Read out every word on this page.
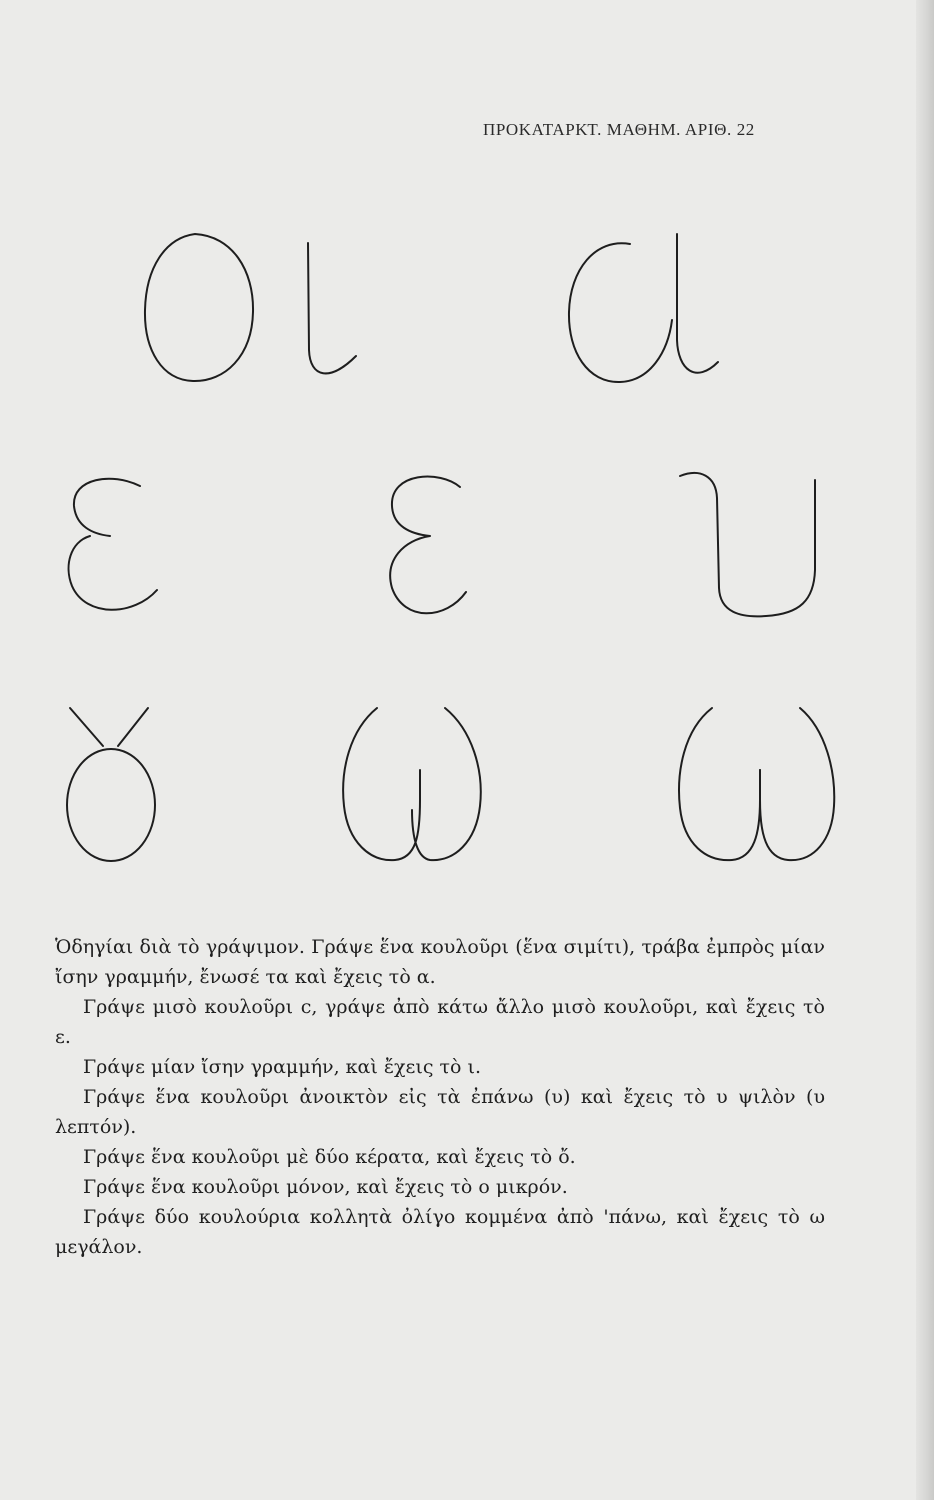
ΠΡΟΚΑΤΑΡΚΤ. ΜΑΘΗΜ. ΑΡΙΘ. 22

Ὁδηγίαι διὰ τὸ γράψιμον. Γράψε ἕνα κουλοῦρι (ἕνα σιμίτι), τράβα ἐμπρὸς μίαν ἴσην γραμμήν, ἔνωσέ τα καὶ ἔχεις τὸ α.

Γράψε μισὸ κουλοῦρι c, γράψε ἀπὸ κάτω ἄλλο μισὸ κουλοῦρι, καὶ ἔχεις τὸ ε.

Γράψε μίαν ἴσην γραμμήν, καὶ ἔχεις τὸ ι.

Γράψε ἕνα κουλοῦρι ἀνοικτὸν εἰς τὰ ἐπάνω (υ) καὶ ἔχεις τὸ υ ψιλὸν (υ λεπτόν).

Γράψε ἕνα κουλοῦρι μὲ δύο κέρατα, καὶ ἔχεις τὸ ὄ.

Γράψε ἕνα κουλοῦρι μόνον, καὶ ἔχεις τὸ ο μικρόν.

Γράψε δύο κουλούρια κολλητὰ ὀλίγο κομμένα ἀπὸ 'πάνω, καὶ ἔχεις τὸ ω μεγάλον.
